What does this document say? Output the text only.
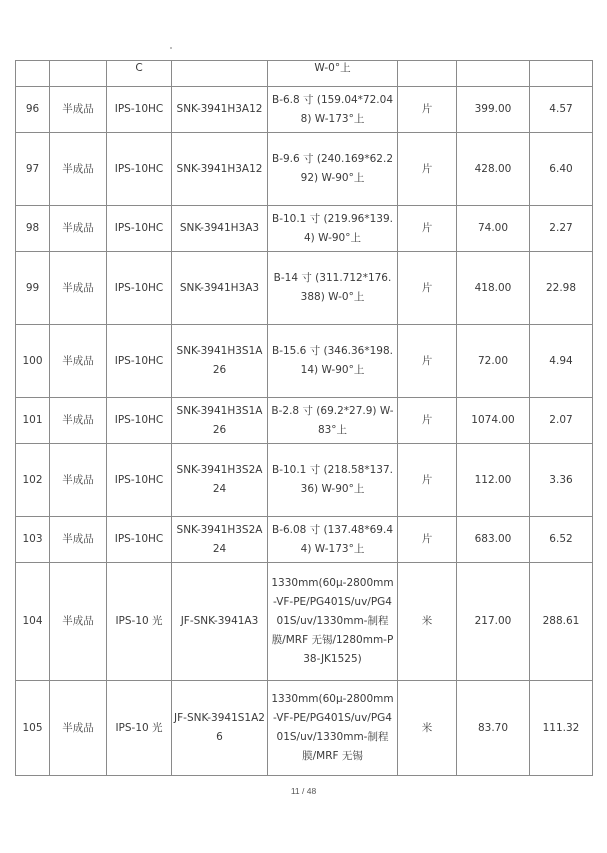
		C		W-0°上			
96	半成品	IPS-10HC	SNK-3941H3A12	B-6.8 寸 (159.04*72.048) W-173°上	片	399.00	4.57
97	半成品	IPS-10HC	SNK-3941H3A12	B-9.6 寸 (240.169*62.292) W-90°上	片	428.00	6.40
98	半成品	IPS-10HC	SNK-3941H3A3	B-10.1 寸 (219.96*139.4) W-90°上	片	74.00	2.27
99	半成品	IPS-10HC	SNK-3941H3A3	B-14 寸 (311.712*176.388) W-0°上	片	418.00	22.98
100	半成品	IPS-10HC	SNK-3941H3S1A26	B-15.6 寸 (346.36*198.14) W-90°上	片	72.00	4.94
101	半成品	IPS-10HC	SNK-3941H3S1A26	B-2.8 寸 (69.2*27.9) W-83°上	片	1074.00	2.07
102	半成品	IPS-10HC	SNK-3941H3S2A24	B-10.1 寸 (218.58*137.36) W-90°上	片	112.00	3.36
103	半成品	IPS-10HC	SNK-3941H3S2A24	B-6.08 寸 (137.48*69.44) W-173°上	片	683.00	6.52
104	半成品	IPS-10 光	JF-SNK-3941A3	1330mm(60μ-2800mm-VF-PE/PG401S/uv/PG401S/uv/1330mm-制程膜/MRF 无锡/1280mm-P38-JK1525)	米	217.00	288.61
105	半成品	IPS-10 光	JF-SNK-3941S1A26	1330mm(60μ-2800mm-VF-PE/PG401S/uv/PG401S/uv/1330mm-制程膜/MRF 无锡	米	83.70	111.32
11 / 48
